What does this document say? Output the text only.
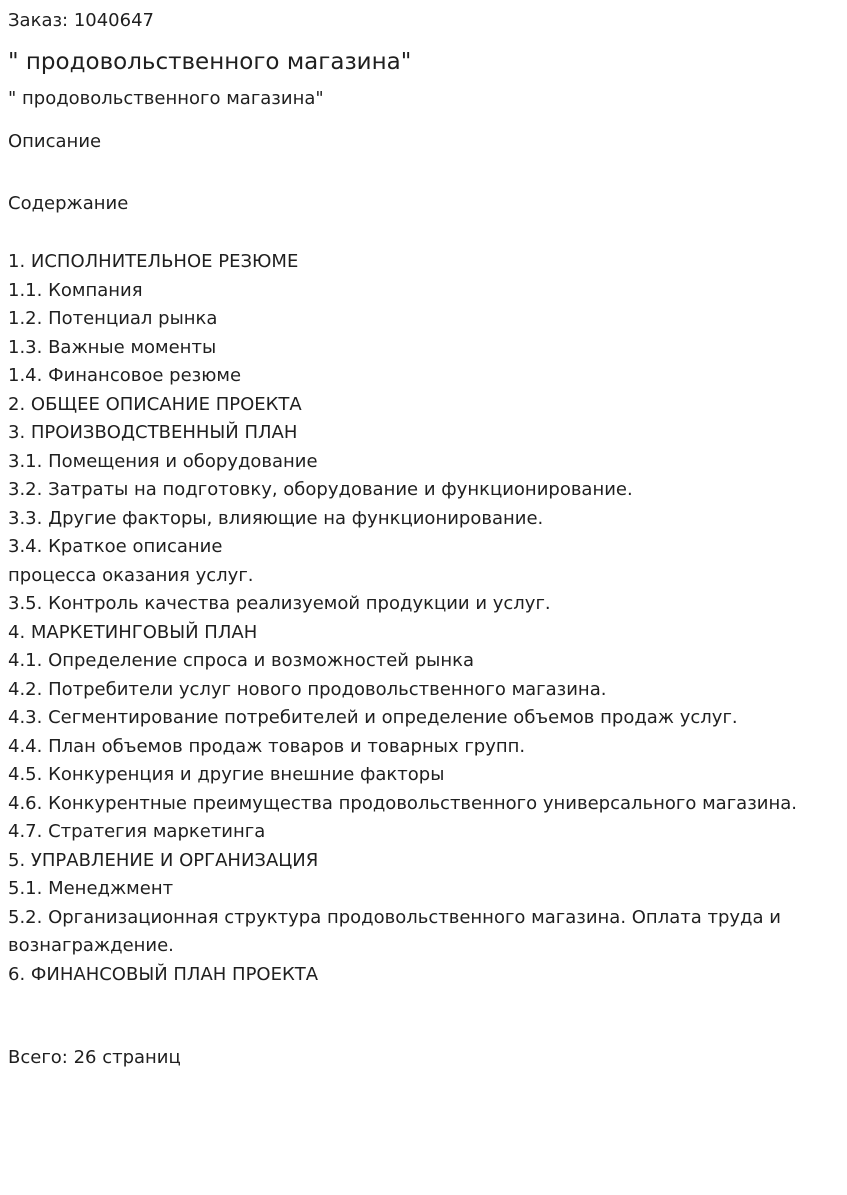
Заказ: 1040647

" продовольственного магазина"

" продовольственного магазина"

Описание

Содержание

1. ИСПОЛНИТЕЛЬНОЕ РЕЗЮМЕ
1.1. Компания
1.2. Потенциал рынка
1.3. Важные моменты
1.4. Финансовое резюме
2. ОБЩЕЕ ОПИСАНИЕ ПРОЕКТА
3. ПРОИЗВОДСТВЕННЫЙ ПЛАН
3.1. Помещения и оборудование
3.2. Затраты на подготовку, оборудование и функционирование.
3.3. Другие факторы, влияющие на функционирование.
3.4. Краткое описание
процесса оказания услуг.
3.5. Контроль качества реализуемой продукции и услуг.
4. МАРКЕТИНГОВЫЙ ПЛАН
4.1. Определение спроса и возможностей рынка
4.2. Потребители услуг нового продовольственного магазина.
4.3. Сегментирование потребителей и определение объемов продаж услуг.
4.4. План объемов продаж товаров и товарных групп.
4.5. Конкуренция и другие внешние факторы
4.6. Конкурентные преимущества продовольственного универсального магазина.
4.7. Стратегия маркетинга
5. УПРАВЛЕНИЕ И ОРГАНИЗАЦИЯ
5.1. Менеджмент
5.2. Организационная структура продовольственного магазина. Оплата труда и вознаграждение.
6. ФИНАНСОВЫЙ ПЛАН ПРОЕКТА

Всего: 26 страниц
